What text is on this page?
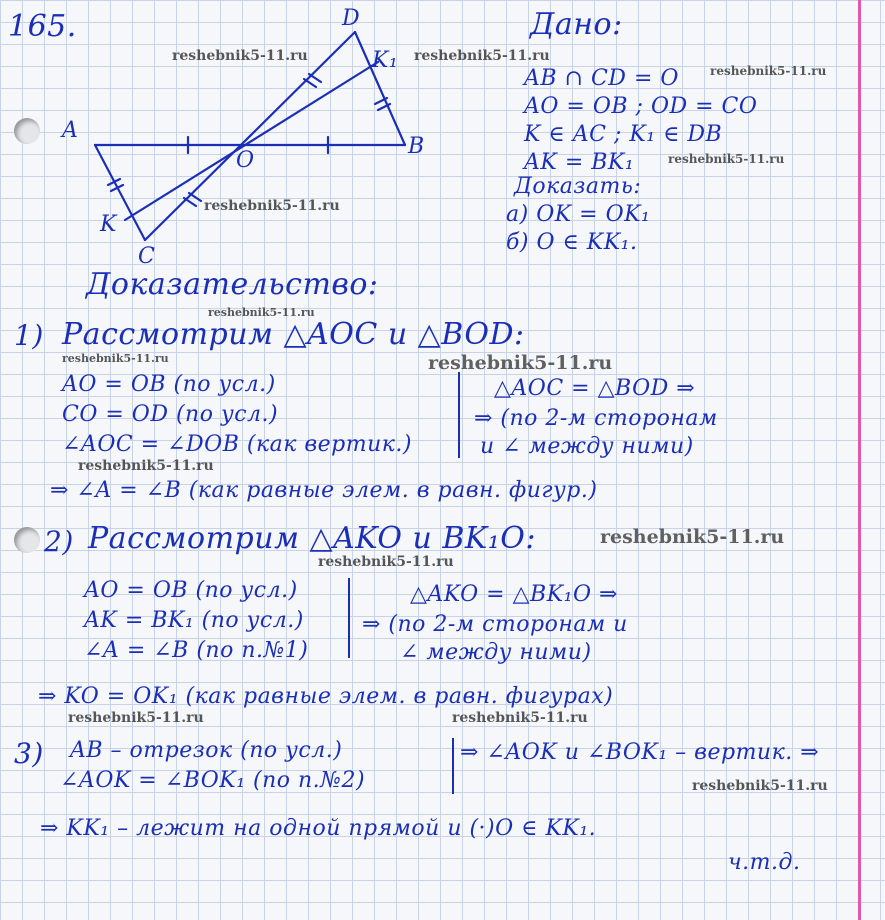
165.	D
K₁
A
B
O
K
C
Дано:
AB ∩ CD = O
AO = OB ; OD = CO
K ∈ AC ; K₁ ∈ DB
AK = BK₁
Доказать:
а) OK = OK₁
б) O ∈ KK₁.
Доказательство:
1) Рассмотрим △AOC и △BOD:
AO = OB (по усл.)
CO = OD (по усл.)
∠AOC = ∠DOB (как вертик.)
△AOC = △BOD ⇒
⇒ (по 2-м сторонам
и ∠ между ними)
⇒ ∠A = ∠B (как равные элем. в равн. фигур.)
2) Рассмотрим △AKO и BK₁O:
AO = OB (по усл.)
AK = BK₁ (по усл.)
∠A = ∠B (по п.№1)
△AKO = △BK₁O ⇒
⇒ (по 2-м сторонам и
∠ между ними)
⇒ KO = OK₁ (как равные элем. в равн. фигурах)
3) AB – отрезок (по усл.)
∠AOK = ∠BOK₁ (по п.№2)
⇒ ∠AOK и ∠BOK₁ – вертик. ⇒
⇒ KK₁ – лежит на одной прямой и (·)O ∈ KK₁.
ч.т.д.
reshebnik5-11.ru	reshebnik5-11.ru
reshebnik5-11.ru
reshebnik5-11.ru
reshebnik5-11.ru
reshebnik5-11.ru
reshebnik5-11.ru	reshebnik5-11.ru
reshebnik5-11.ru
reshebnik5-11.ru
reshebnik5-11.ru
reshebnik5-11.ru	reshebnik5-11.ru
reshebnik5-11.ru
